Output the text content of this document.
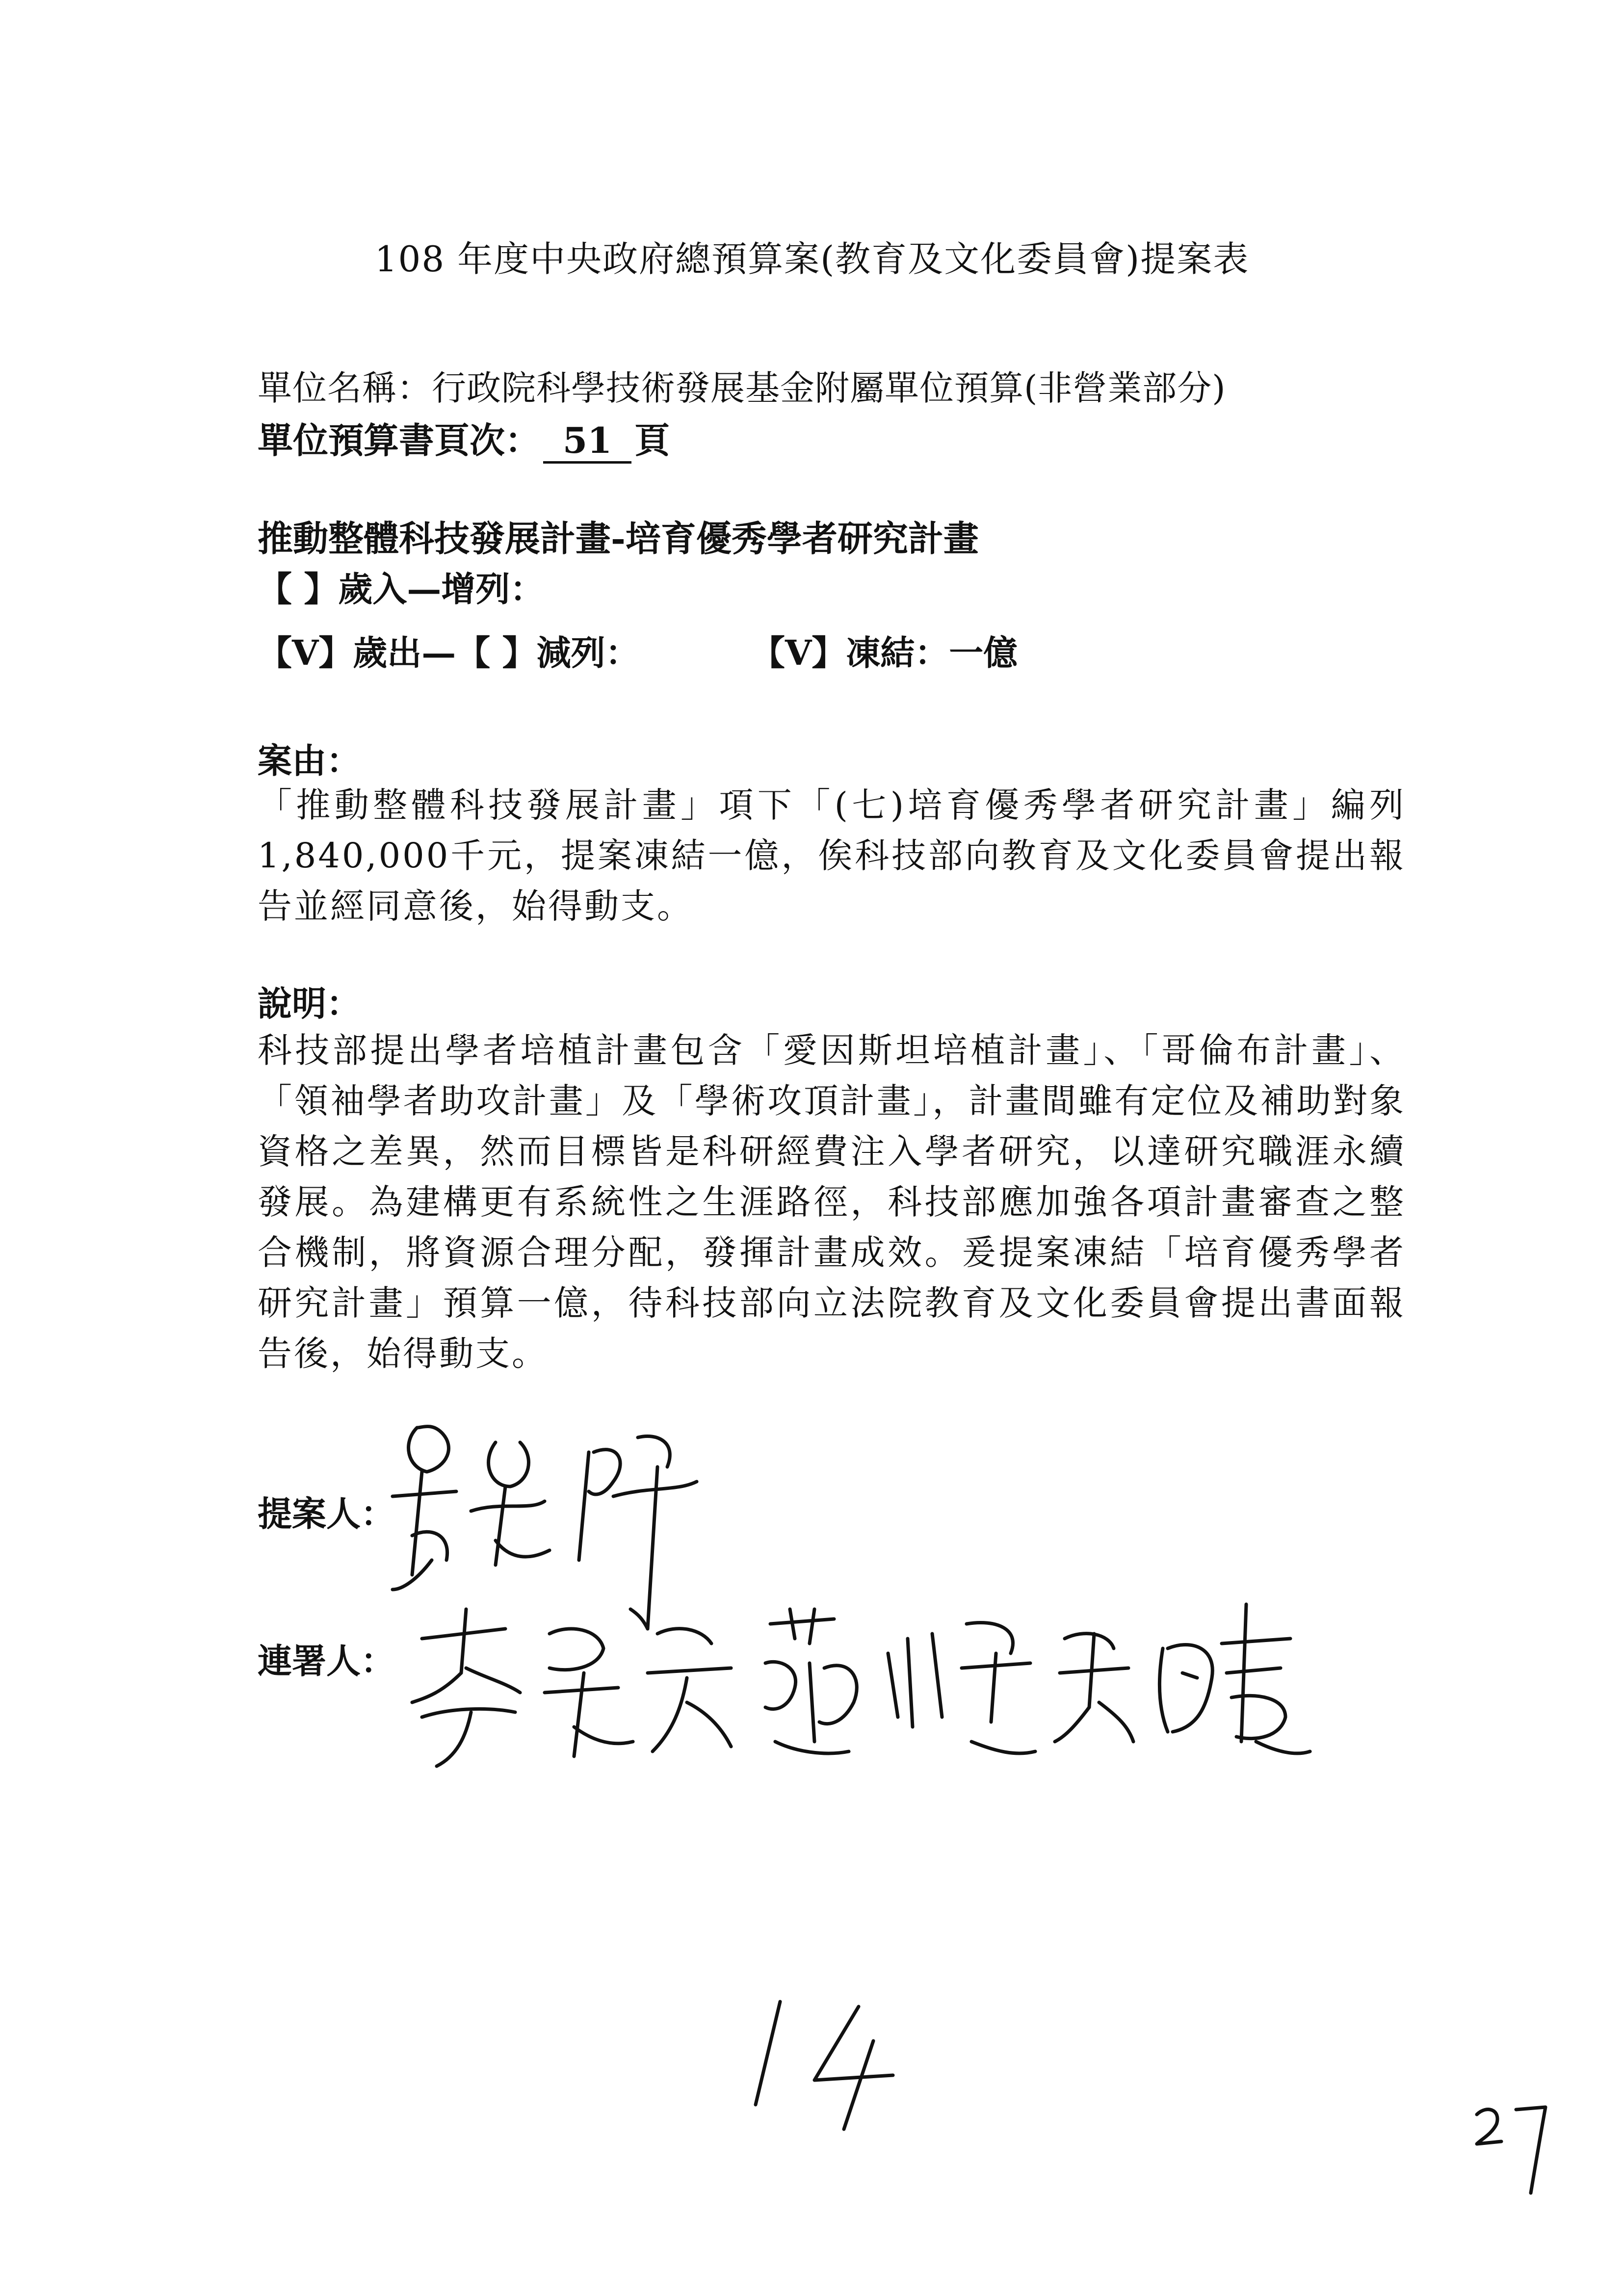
108 年度中央政府總預算案(教育及文化委員會)提案表
單位名稱：行政院科學技術發展基金附屬單位預算(非營業部分)
單位預算書頁次： 51 頁
推動整體科技發展計畫-培育優秀學者研究計畫
【 】歲入—增列：
【V】歲出—【 】減列：	【V】凍結：一億
案由：
「推動整體科技發展計畫」項下「(七)培育優秀學者研究計畫」編列1,840,000千元，提案凍結一億，俟科技部向教育及文化委員會提出報告並經同意後，始得動支。
說明：
科技部提出學者培植計畫包含「愛因斯坦培植計畫」、「哥倫布計畫」、「領袖學者助攻計畫」及「學術攻頂計畫」，計畫間雖有定位及補助對象資格之差異，然而目標皆是科研經費注入學者研究，以達研究職涯永續發展。為建構更有系統性之生涯路徑，科技部應加強各項計畫審查之整合機制，將資源合理分配，發揮計畫成效。爰提案凍結「培育優秀學者研究計畫」預算一億，待科技部向立法院教育及文化委員會提出書面報告後，始得動支。
提案人：
連署人：
